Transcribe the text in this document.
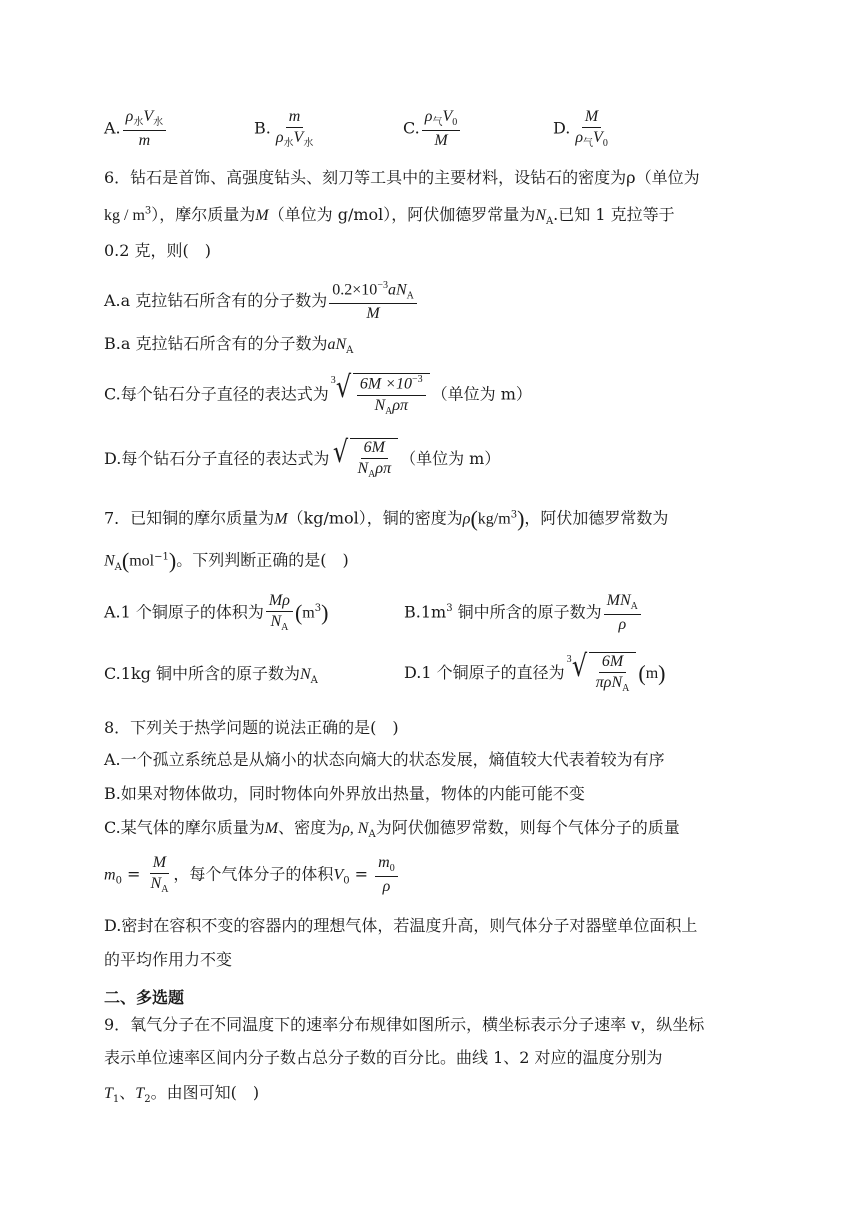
A. $\frac{\rho_水V_水}{m}$	B. $\frac{m}{\rho_水V_水}$	C. $\frac{\rho_气V_0}{M}$	D. $\frac{M}{\rho_气V_0}$
6．钻石是首饰、高强度钻头、刻刀等工具中的主要材料，设钻石的密度为ρ（单位为
kg / $m^3$），摩尔质量为M（单位为 g/mol），阿伏伽德罗常量为$N_A$.已知 1 克拉等于
0.2 克，则(　)
A.a 克拉钻石所含有的分子数为 $\frac{0.2\times 10^{-3}aN_A}{M}$
B.a 克拉钻石所含有的分子数为$aN_A$
C.每个钻石分子直径的表达式为
3 √ $\frac{6M \times 10^{-3}}{N_A\rho\pi}$ （单位为 m）
D.每个钻石分子直径的表达式为 √ $\frac{6M}{N_A\rho\pi}$ （单位为 m）
7．已知铜的摩尔质量为M（kg/mol），铜的密度为$\rho(kg/m^3)$，阿伏加德罗常数为
$N_A(mol^{-1})$。下列判断正确的是(　)
A.1 个铜原子的体积为 $\frac{M\rho}{N_A} (m^3)$	$B.1m^3$ 铜中所含的原子数为 $\frac{MN_A}{\rho}$
C.1kg 铜中所含的原子数为$N_A$	D.1 个铜原子的直径为
3 √ $\frac{6M}{\pi\rho N_A} (m)$
8．下列关于热学问题的说法正确的是(　)
A.一个孤立系统总是从熵小的状态向熵大的状态发展，熵值较大代表着较为有序
B.如果对物体做功，同时物体向外界放出热量，物体的内能可能不变
C.某气体的摩尔质量为M、密度为ρ, $N_A$为阿伏伽德罗常数，则每个气体分子的质量
$m_0 = \frac{M}{N_A}$ ，每个气体分子的体积$V_0 = \frac{m_0}{\rho}$
D.密封在容积不变的容器内的理想气体，若温度升高，则气体分子对器壁单位面积上
的平均作用力不变
二、多选题
9．氧气分子在不同温度下的速率分布规律如图所示，横坐标表示分子速率 v，纵坐标
表示单位速率区间内分子数占总分子数的百分比。曲线 1、2 对应的温度分别为
$T_1$、$T_2$。由图可知(　)
